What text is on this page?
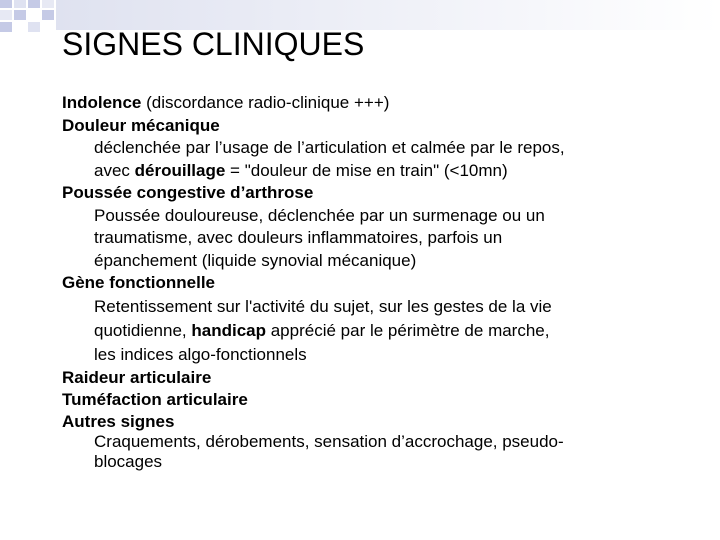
SIGNES CLINIQUES
Indolence (discordance radio-clinique +++)
Douleur mécanique
déclenchée par l’usage de l’articulation et calmée par le repos,
avec dérouillage = "douleur de mise en train" (<10mn)
Poussée congestive d’arthrose
Poussée douloureuse, déclenchée par un surmenage ou un
traumatisme, avec douleurs inflammatoires, parfois un
épanchement (liquide synovial mécanique)
Gène fonctionnelle
Retentissement sur l'activité du sujet, sur les gestes de la vie
quotidienne, handicap apprécié par le périmètre de marche,
les indices algo-fonctionnels
Raideur articulaire
Tuméfaction articulaire
Autres signes
Craquements, dérobements, sensation d’accrochage, pseudo-
blocages
